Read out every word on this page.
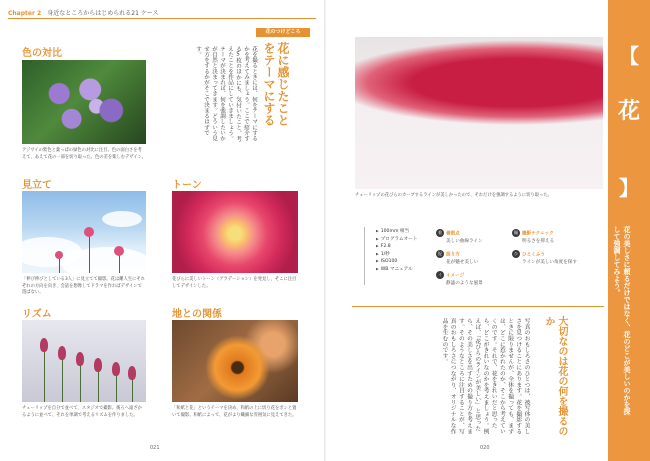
Chapter 2 身近なところからはじめられる21 ケース
色の対比
アジサイの紫色と葉っぱの緑色の対比に注目。色の面白さを考えて、あえて花の一部を切り取った。色の差を楽しむデザイン。
見立て
「伸び伸びとしている3人」に見立てて撮影。花は離人生にそれぞれの方向を向き、会話を想像してドラマを作ればデザインで遊ばない。
トーン
花びらに美しいトーン（グラデーション）を発見し、そこに注目してデザインした。
リズム
チューリップを自分で並べて、スタジオで撮影。後ろへ遠ざかるように並べて、それを単調で考えるリズムを作りました。
地との関係
「和紙と花」というテーマを決め、和紙の上に切り花をポンと置いて撮影。和紙によって、花がより繊細な雰囲気に見えてきた。
花のつけどころ
花に感じたことをテーマにする
花を撮るときには、何をテーマにするかを考えてみましょう。ここで紹介する5枚のほかにも、気付いたこと、考えたことを作品にしていきましょう。テーマが決まれば、何を強調したいかが自然と決まってきます。どういう見せ方をするかがそこで決まるはずです。
021
チューリップの花びらのカーブするラインが美しかったので、それだけを強調するように切り取った。
▶ 100mm 相当
▶ プログラムオート
▶ F2.8
▶ 1/秒
▶ ISO100
▶ WB マニュアル
着 着眼点
美しい曲線ライン
撮 撮影テクニック
明るさを抑える
捉 捉り方
花が魅せ美しい
ひ ひとくふう
ラインが美しい角度を探す
イ イメージ
静謐のような風景
大切なのは花の何を撮るのか
写真のおもしろさのひとつは、被写体の美しさを見つけることにあります。花を撮影するときに限りませんが、全体を撮っても、まずは、どこに惹かれたのか、そこから考えていくのです。それで、花をきれいだと思ったら、どこがきれいなのかを考えましょう。例えば、「花びらのラインが美しい」と思ったら、その美しさを出すための撮り方を考えます。そのようなところに注目することが、写真のおもしろさにつながり、オリジナルな作品を生むのです。
020
【
花
】
花の美しさに頼るだけではなく、花のどこが美しいのかを探して強調してみよう。
